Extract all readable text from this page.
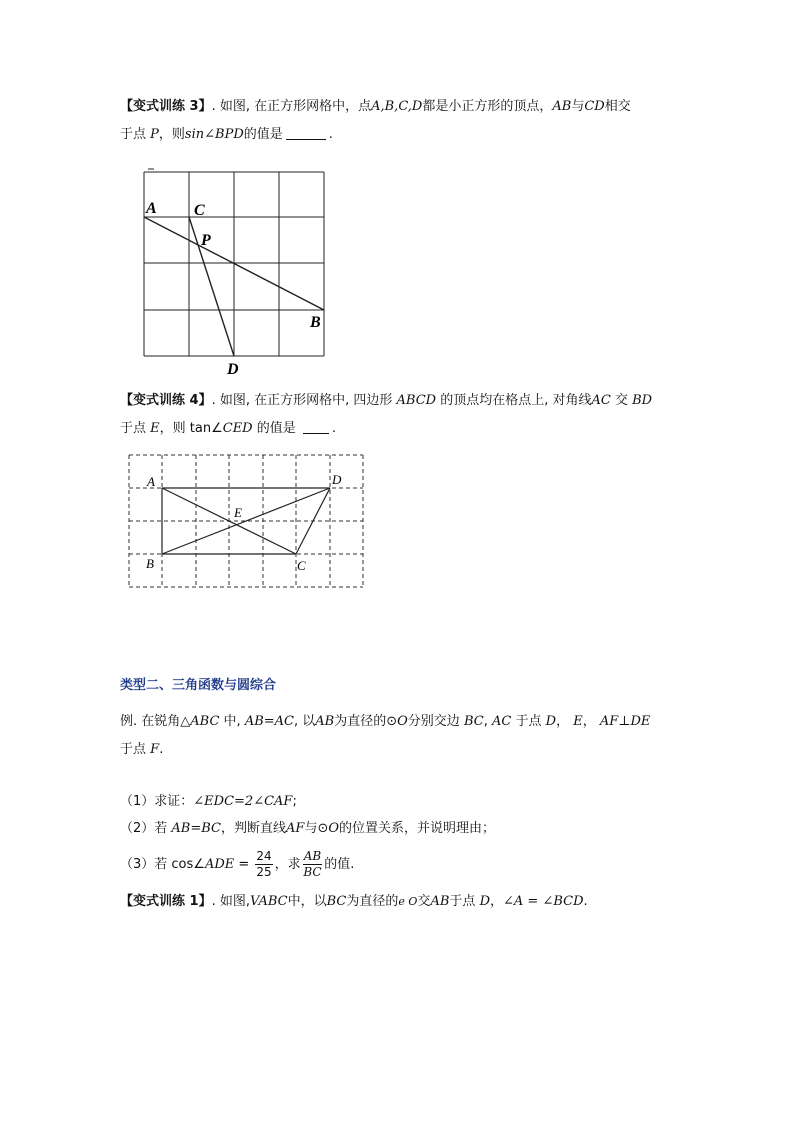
【变式训练 3】. 如图, 在正方形网格中，点A,B,C,D都是小正方形的顶点，AB与CD相交
于点 P，则sin∠BPD的值是	.
A C
P
B
D
【变式训练 4】. 如图, 在正方形网格中, 四边形 ABCD 的顶点均在格点上, 对角线AC 交 BD
于点 E，则 tan∠CED 的值是	.
A	D
E
B	C
类型二、三角函数与圆综合
例. 在锐角△ABC 中, AB=AC, 以AB为直径的⊙O分别交边 BC, AC 于点 D， E， AF⊥DE
于点 F.
（1）求证：∠EDC=2∠CAF;
（2）若 AB=BC，判断直线AF与⊙O的位置关系，并说明理由；
（3）若 cos∠ADE = $\frac{24}{25}$ ，求 $\frac{AB}{BC}$ 的值.
【变式训练 1】. 如图,VABC中，以BC为直径的e O交AB于点 D，∠A = ∠BCD.
